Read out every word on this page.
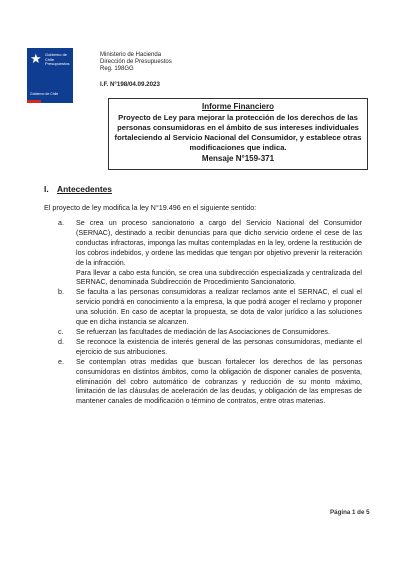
★ Gobierno de Chile Presupuestos
Gobierno de Chile
Ministerio de Hacienda
Dirección de Presupuestos
Reg. 198GG
I.F. N°198/04.09.2023
Informe Financiero
Proyecto de Ley para mejorar la protección de los derechos de las personas consumidoras en el ámbito de sus intereses individuales fortaleciendo al Servicio Nacional del Consumidor, y establece otras modificaciones que indica.
Mensaje N°159-371
I. Antecedentes
El proyecto de ley modifica la ley N°19.496 en el siguiente sentido:
a. Se crea un proceso sancionatorio a cargo del Servicio Nacional del Consumidor (SERNAC), destinado a recibir denuncias para que dicho servicio ordene el cese de las conductas infractoras, imponga las multas contempladas en la ley, ordene la restitución de los cobros indebidos, y ordene las medidas que tengan por objetivo prevenir la reiteración de la infracción.
Para llevar a cabo esta función, se crea una subdirección especializada y centralizada del SERNAC, denominada Subdirección de Procedimiento Sancionatorio.
b. Se faculta a las personas consumidoras a realizar reclamos ante el SERNAC, el cual el servicio pondrá en conocimiento a la empresa, la que podrá acoger el reclamo y proponer una solución. En caso de aceptar la propuesta, se dota de valor jurídico a las soluciones que en dicha instancia se alcanzen.
c. Se refuerzan las facultades de mediación de las Asociaciones de Consumidores.
d. Se reconoce la existencia de interés general de las personas consumidoras, mediante el ejercicio de sus atribuciones.
e. Se contemplan otras medidas que buscan fortalecer los derechos de las personas consumidoras en distintos ámbitos, como la obligación de disponer canales de posventa, eliminación del cobro automático de cobranzas y reducción de su monto máximo, limitación de las cláusulas de aceleración de las deudas, y obligación de las empresas de mantener canales de modificación o término de contratos, entre otras materias.
Página 1 de 5
